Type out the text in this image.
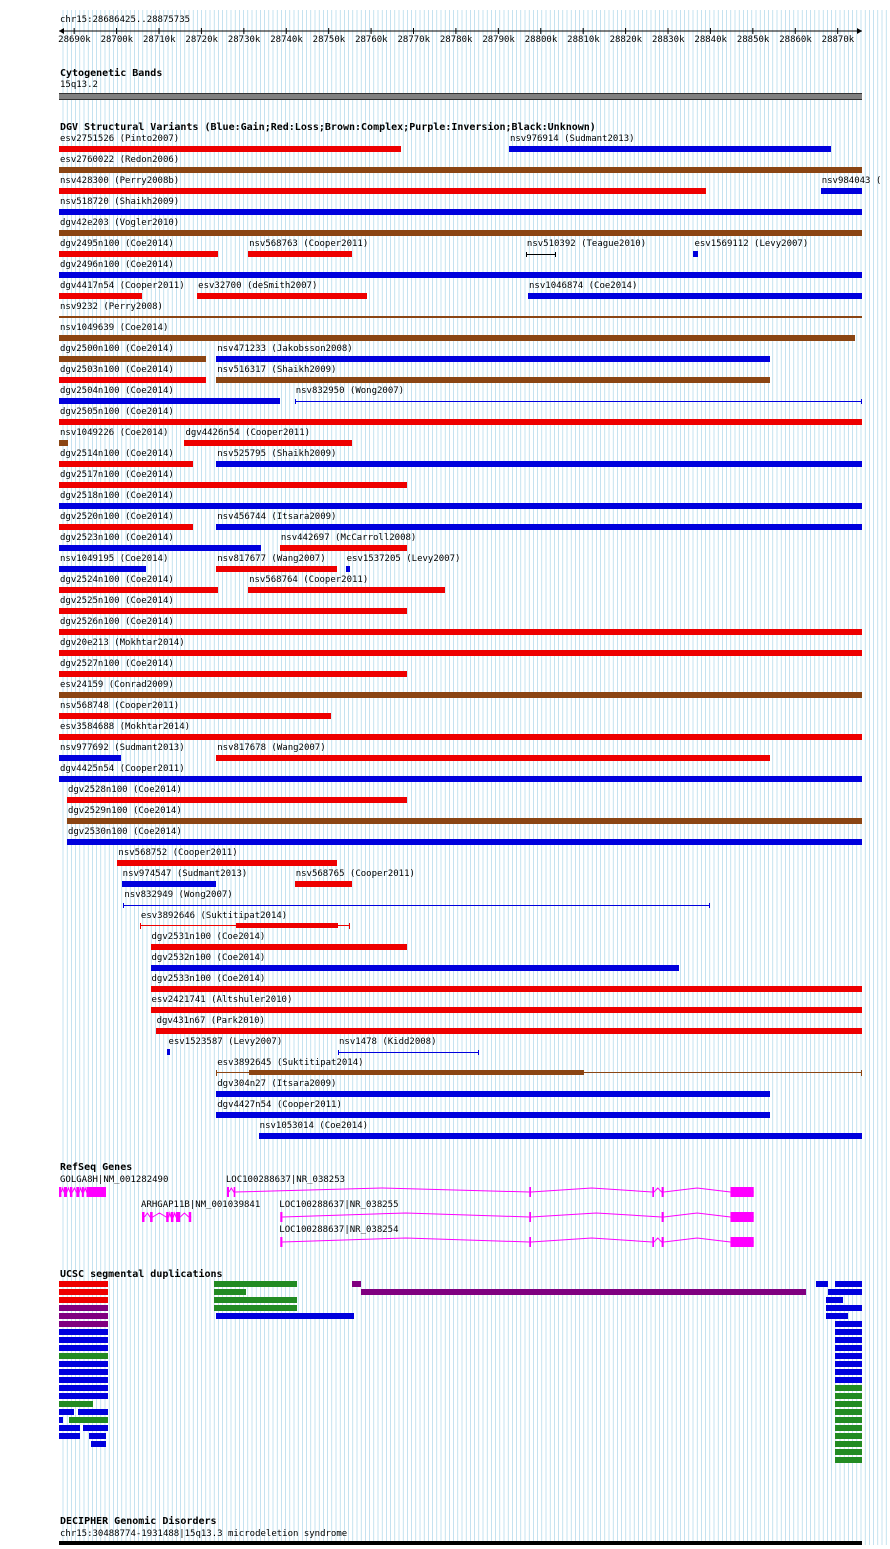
chr15:28686425..28875735
28690k 28700k 28710k 28720k 28730k 28740k 28750k 28760k 28770k 28780k 28790k 28800k 28810k 28820k 28830k 28840k 28850k 28860k 28870k
Cytogenetic Bands
15q13.2
DGV Structural Variants (Blue:Gain;Red:Loss;Brown:Complex;Purple:Inversion;Black:Unknown)
esv2751526 (Pinto2007)	nsv976914 (Sudmant2013)
esv2760022 (Redon2006)
nsv428300 (Perry2008b)	nsv984043 (
nsv518720 (Shaikh2009)
dgv42e203 (Vogler2010)
dgv2495n100 (Coe2014)	nsv568763 (Cooper2011)	nsv510392 (Teague2010)	esv1569112 (Levy2007)
dgv2496n100 (Coe2014)
dgv4417n54 (Cooper2011) esv32700 (deSmith2007)	nsv1046874 (Coe2014)
nsv9232 (Perry2008)
nsv1049639 (Coe2014)
dgv2500n100 (Coe2014)	nsv471233 (Jakobsson2008)
dgv2503n100 (Coe2014)	nsv516317 (Shaikh2009)
dgv2504n100 (Coe2014)	nsv832950 (Wong2007)
dgv2505n100 (Coe2014)
nsv1049226 (Coe2014) dgv4426n54 (Cooper2011)
dgv2514n100 (Coe2014)	nsv525795 (Shaikh2009)
dgv2517n100 (Coe2014)
dgv2518n100 (Coe2014)
dgv2520n100 (Coe2014)	nsv456744 (Itsara2009)
dgv2523n100 (Coe2014)	nsv442697 (McCarroll2008)
nsv1049195 (Coe2014)	nsv817677 (Wang2007) esv1537205 (Levy2007)
dgv2524n100 (Coe2014)	nsv568764 (Cooper2011)
dgv2525n100 (Coe2014)
dgv2526n100 (Coe2014)
dgv20e213 (Mokhtar2014)
dgv2527n100 (Coe2014)
esv24159 (Conrad2009)
nsv568748 (Cooper2011)
esv3584688 (Mokhtar2014)
nsv977692 (Sudmant2013)	nsv817678 (Wang2007)
dgv4425n54 (Cooper2011)
dgv2528n100 (Coe2014)
dgv2529n100 (Coe2014)
dgv2530n100 (Coe2014)
nsv568752 (Cooper2011)
nsv974547 (Sudmant2013)	nsv568765 (Cooper2011)
nsv832949 (Wong2007)
esv3892646 (Suktitipat2014)
dgv2531n100 (Coe2014)
dgv2532n100 (Coe2014)
dgv2533n100 (Coe2014)
esv2421741 (Altshuler2010)
dgv431n67 (Park2010)
esv1523587 (Levy2007)	nsv1478 (Kidd2008)
esv3892645 (Suktitipat2014)
dgv304n27 (Itsara2009)
dgv4427n54 (Cooper2011)
nsv1053014 (Coe2014)
RefSeq Genes
GOLGA8H|NM_001282490	LOC100288637|NR_038253
ARHGAP11B|NM_001039841 LOC100288637|NR_038255
LOC100288637|NR_038254
UCSC segmental duplications
DECIPHER Genomic Disorders
chr15:30488774-1931488|15q13.3 microdeletion syndrome
